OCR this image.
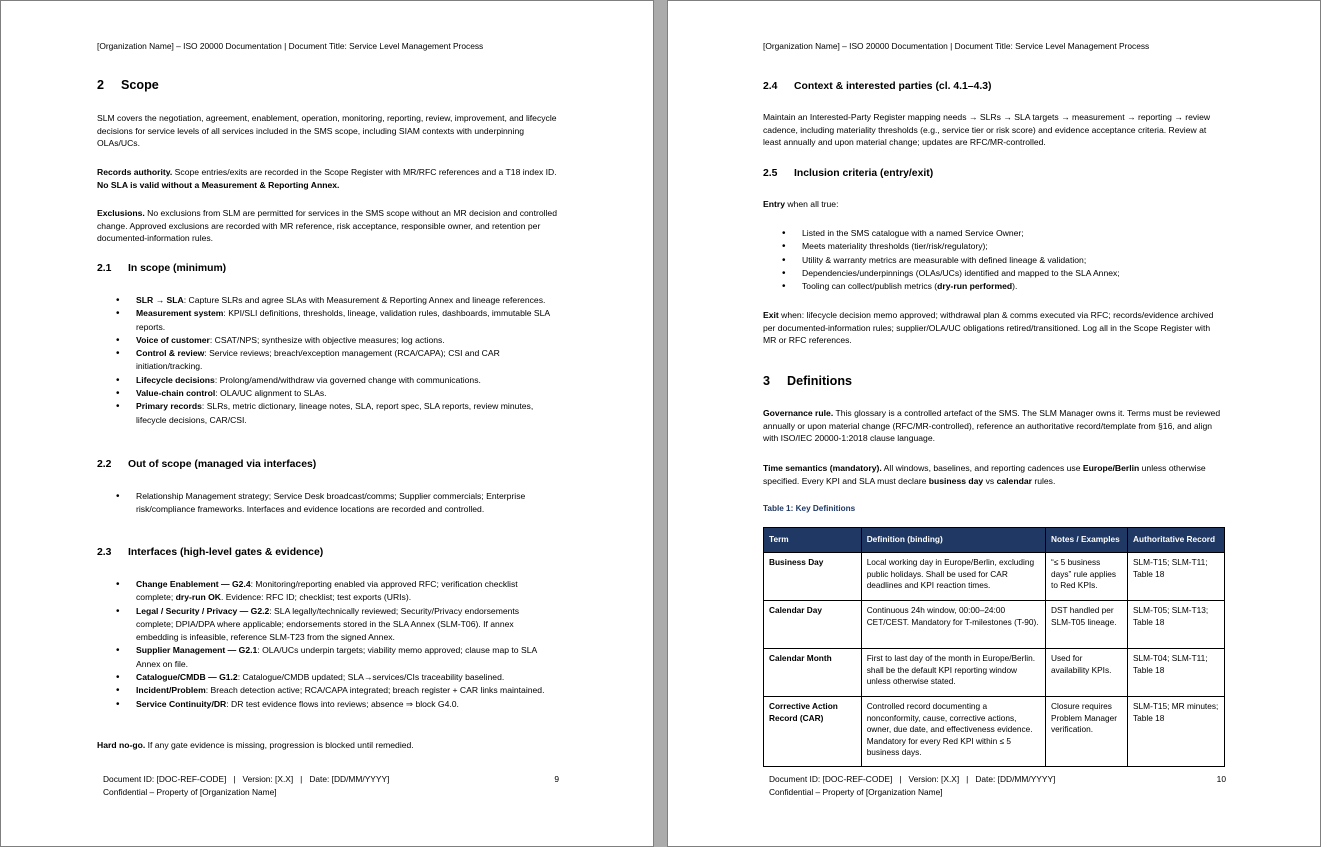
[Organization Name] – ISO 20000 Documentation | Document Title: Service Level Management Process
2 Scope

SLM covers the negotiation, agreement, enablement, operation, monitoring, reporting, review, improvement, and lifecycle decisions for service levels of all services included in the SMS scope, including SIAM contexts with underpinning OLAs/UCs.

Records authority. Scope entries/exits are recorded in the Scope Register with MR/RFC references and a T18 index ID. No SLA is valid without a Measurement & Reporting Annex.

Exclusions. No exclusions from SLM are permitted for services in the SMS scope without an MR decision and controlled change. Approved exclusions are recorded with MR reference, risk acceptance, responsible owner, and retention per documented-information rules.

2.1 In scope (minimum)
• SLR → SLA: Capture SLRs and agree SLAs with Measurement & Reporting Annex and lineage references.
• Measurement system: KPI/SLI definitions, thresholds, lineage, validation rules, dashboards, immutable SLA reports.
• Voice of customer: CSAT/NPS; synthesize with objective measures; log actions.
• Control & review: Service reviews; breach/exception management (RCA/CAPA); CSI and CAR initiation/tracking.
• Lifecycle decisions: Prolong/amend/withdraw via governed change with communications.
• Value-chain control: OLA/UC alignment to SLAs.
• Primary records: SLRs, metric dictionary, lineage notes, SLA, report spec, SLA reports, review minutes, lifecycle decisions, CAR/CSI.
2.2 Out of scope (managed via interfaces)
• Relationship Management strategy; Service Desk broadcast/comms; Supplier commercials; Enterprise risk/compliance frameworks. Interfaces and evidence locations are recorded and controlled.
2.3 Interfaces (high-level gates & evidence)
• Change Enablement — G2.4: Monitoring/reporting enabled via approved RFC; verification checklist complete; dry-run OK. Evidence: RFC ID; checklist; test exports (URIs).
• Legal / Security / Privacy — G2.2: SLA legally/technically reviewed; Security/Privacy endorsements complete; DPIA/DPA where applicable; endorsements stored in the SLA Annex (SLM-T06). If annex embedding is infeasible, reference SLM-T23 from the signed Annex.
• Supplier Management — G2.1: OLA/UCs underpin targets; viability memo approved; clause map to SLA Annex on file.
• Catalogue/CMDB — G1.2: Catalogue/CMDB updated; SLA→services/CIs traceability baselined.
• Incident/Problem: Breach detection active; RCA/CAPA integrated; breach register + CAR links maintained.
• Service Continuity/DR: DR test evidence flows into reviews; absence ⇒ block G4.0.

Hard no-go. If any gate evidence is missing, progression is blocked until remedied.

Document ID: [DOC-REF-CODE]   |   Version: [X.X]   |   Date: [DD/MM/YYYY]
Confidential – Property of [Organization Name]
9
[Organization Name] – ISO 20000 Documentation | Document Title: Service Level Management Process
2.4 Context & interested parties (cl. 4.1–4.3)

Maintain an Interested-Party Register mapping needs → SLRs → SLA targets → measurement → reporting → review cadence, including materiality thresholds (e.g., service tier or risk score) and evidence acceptance criteria. Review at least annually and upon material change; updates are RFC/MR-controlled.

2.5 Inclusion criteria (entry/exit)

Entry when all true:

• Listed in the SMS catalogue with a named Service Owner;
• Meets materiality thresholds (tier/risk/regulatory);
• Utility & warranty metrics are measurable with defined lineage & validation;
• Dependencies/underpinnings (OLAs/UCs) identified and mapped to the SLA Annex;
• Tooling can collect/publish metrics (dry-run performed).

Exit when: lifecycle decision memo approved; withdrawal plan & comms executed via RFC; records/evidence archived per documented-information rules; supplier/OLA/UC obligations retired/transitioned. Log all in the Scope Register with MR or RFC references.

3 Definitions

Governance rule. This glossary is a controlled artefact of the SMS. The SLM Manager owns it. Terms must be reviewed annually or upon material change (RFC/MR-controlled), reference an authoritative record/template from §16, and align with ISO/IEC 20000-1:2018 clause language.

Time semantics (mandatory). All windows, baselines, and reporting cadences use Europe/Berlin unless otherwise specified. Every KPI and SLA must declare business day vs calendar rules.

Table 1: Key Definitions
Term	Definition (binding)	Notes / Examples	Authoritative Record
Business Day	Local working day in Europe/Berlin, excluding public holidays. Shall be used for CAR deadlines and KPI reaction times.	“≤ 5 business days” rule applies to Red KPIs.	SLM-T15; SLM-T11; Table 18
Calendar Day	Continuous 24h window, 00:00–24:00 CET/CEST. Mandatory for T-milestones (T-90).	DST handled per SLM-T05 lineage.	SLM-T05; SLM-T13; Table 18
Calendar Month	First to last day of the month in Europe/Berlin. shall be the default KPI reporting window unless otherwise stated.	Used for availability KPIs.	SLM-T04; SLM-T11; Table 18
Corrective Action Record (CAR)	Controlled record documenting a nonconformity, cause, corrective actions, owner, due date, and effectiveness evidence. Mandatory for every Red KPI within ≤ 5 business days.	Closure requires Problem Manager verification.	SLM-T15; MR minutes; Table 18
Document ID: [DOC-REF-CODE]   |   Version: [X.X]   |   Date: [DD/MM/YYYY]
Confidential – Property of [Organization Name]
10
